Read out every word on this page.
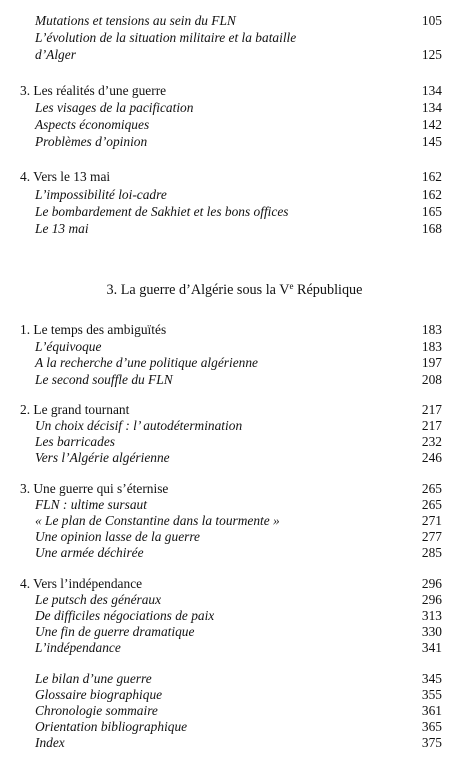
Mutations et tensions au sein du FLN	105
L’évolution de la situation militaire et la bataille
d’Alger	125
3. Les réalités d’une guerre	134
Les visages de la pacification	134
Aspects économiques	142
Problèmes d’opinion	145
4. Vers le 13 mai	162
L’impossibilité loi-cadre	162
Le bombardement de Sakhiet et les bons offices	165
Le 13 mai	168
3. La guerre d’Algérie sous la Ve République
1. Le temps des ambiguïtés	183
L’équivoque	183
A la recherche d’une politique algérienne	197
Le second souffle du FLN	208
2. Le grand tournant	217
Un choix décisif : l’ autodétermination	217
Les barricades	232
Vers l’Algérie algérienne	246
3. Une guerre qui s’éternise	265
FLN : ultime sursaut	265
« Le plan de Constantine dans la tourmente »	271
Une opinion lasse de la guerre	277
Une armée déchirée	285
4. Vers l’indépendance	296
Le putsch des généraux	296
De difficiles négociations de paix	313
Une fin de guerre dramatique	330
L’indépendance	341
Le bilan d’une guerre	345
Glossaire biographique	355
Chronologie sommaire	361
Orientation bibliographique	365
Index	375
